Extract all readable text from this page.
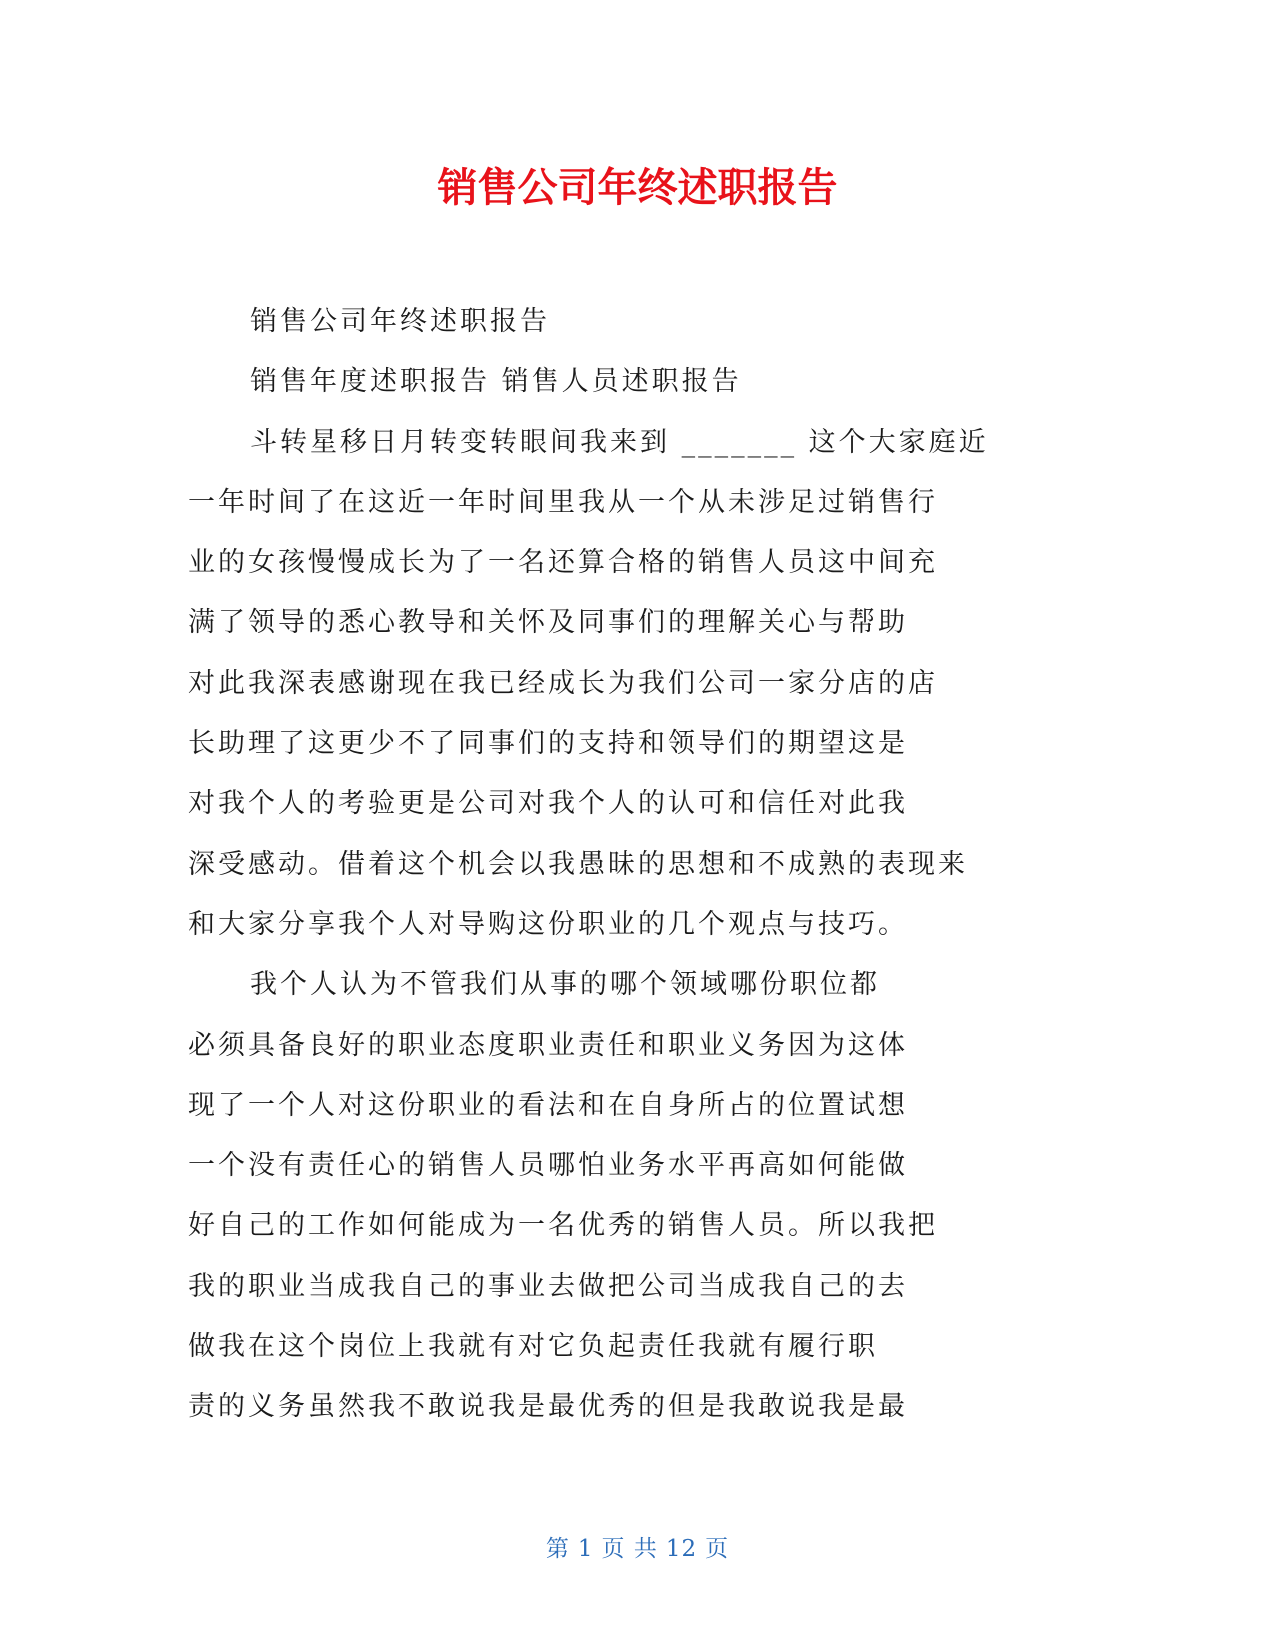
销售公司年终述职报告
销售公司年终述职报告
销售年度述职报告 销售人员述职报告
斗转星移日月转变转眼间我来到 _______ 这个大家庭近
一年时间了在这近一年时间里我从一个从未涉足过销售行
业的女孩慢慢成长为了一名还算合格的销售人员这中间充
满了领导的悉心教导和关怀及同事们的理解关心与帮助
对此我深表感谢现在我已经成长为我们公司一家分店的店
长助理了这更少不了同事们的支持和领导们的期望这是
对我个人的考验更是公司对我个人的认可和信任对此我
深受感动。借着这个机会以我愚昧的思想和不成熟的表现来
和大家分享我个人对导购这份职业的几个观点与技巧。
我个人认为不管我们从事的哪个领域哪份职位都
必须具备良好的职业态度职业责任和职业义务因为这体
现了一个人对这份职业的看法和在自身所占的位置试想
一个没有责任心的销售人员哪怕业务水平再高如何能做
好自己的工作如何能成为一名优秀的销售人员。所以我把
我的职业当成我自己的事业去做把公司当成我自己的去
做我在这个岗位上我就有对它负起责任我就有履行职
责的义务虽然我不敢说我是最优秀的但是我敢说我是最
第 1 页 共 12 页
